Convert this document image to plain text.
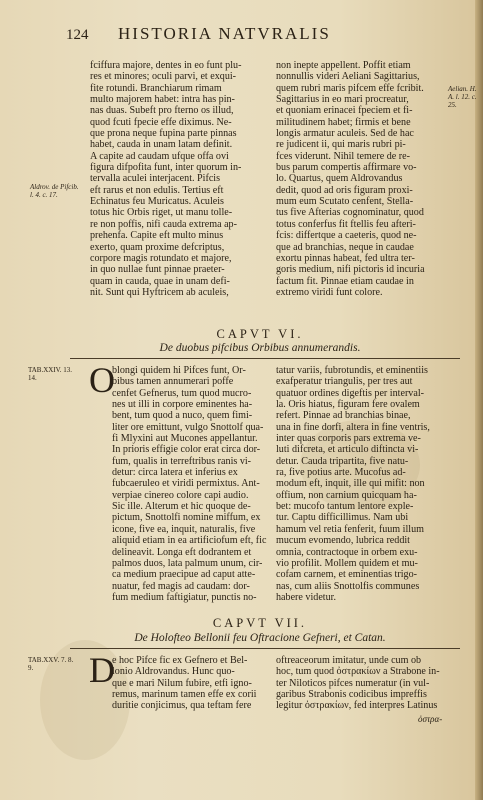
124	HISTORIA NATVRALIS
fciffura majore, dentes in eo funt plu-
res et minores; oculi parvi, et exqui-
fite rotundi. Branchiarum rimam
multo majorem habet: intra has pin-
nas duas. Subeft pro fterno os illud,
quod fcuti fpecie effe diximus. Ne-
que prona neque fupina parte pinnas
habet, cauda in unam latam definit.
A capite ad caudam ufque offa ovi
figura difpofita funt, inter quorum in-
tervalla aculei interjacent. Pifcis
eft rarus et non edulis. Tertius eft
Echinatus feu Muricatus. Aculeis
totus hic Orbis riget, ut manu tolle-
re non poffis, nifi cauda extrema ap-
prehenfa. Capite eft multo minus
exerto, quam proxime defcriptus,
corpore magis rotundato et majore,
in quo nullae funt pinnae praeter-
quam in cauda, quae in unam defi-
nit. Sunt qui Hyftricem ab aculeis,
non inepte appellent. Poffit etiam
nonnullis videri Aeliani Sagittarius,
quem rubri maris pifcem effe fcribit.
Sagittarius in eo mari procreatur,
et quoniam erinacei fpeciem et fi-
militudinem habet; firmis et bene
longis armatur aculeis. Sed de hac
re judicent ii, qui maris rubri pi-
fces viderunt. Nihil temere de re-
bus parum compertis affirmare vo-
lo. Quartus, quem Aldrovandus
dedit, quod ad oris figuram proxi-
mum eum Scutato cenfent, Stella-
tus five Afterias cognominatur, quod
totus conferfus fit ftellis feu afteri-
fcis: differtque a caeteris, quod ne-
que ad branchias, neque in caudae
exortu pinnas habeat, fed ultra ter-
goris medium, nifi pictoris id incuria
factum fit. Pinnae etiam caudae in
extremo viridi funt colore.
Aldrov. de Pifcib. l. 4. c. 17.
Aelian. H. A. l. 12. c. 25.
CAPVT VI.
De duobus pifcibus Orbibus annumerandis.
TAB.XXIV. 13. 14.	O
blongi quidem hi Pifces funt, Or-
bibus tamen annumerari poffe
cenfet Gefnerus, tum quod mucro-
nes ut illi in corpore eminentes ha-
bent, tum quod a nuco, quem fimi-
liter ore emittunt, vulgo Snottolf qua-
fi Mlyxini aut Mucones appellantur.
In prioris effigie color erat circa dor-
fum, qualis in terreftribus ranis vi-
detur: circa latera et inferius ex
fubcaeruleo et viridi permixtus. Ant-
verpiae cinereo colore capi audio.
Sic ille. Alterum et hic quoque de-
pictum, Snottolfi nomine miffum, ex
icone, five ea, inquit, naturalis, five
aliquid etiam in ea artificiofum eft, fic
delineavit. Longa eft dodrantem et
palmos duos, lata palmum unum, cir-
ca medium praecipue ad caput atte-
nuatur, fed magis ad caudam: dor-
fum medium faftigiatur, punctis no-
tatur variis, fubrotundis, et eminentiis
exafperatur triangulis, per tres aut
quatuor ordines digeftis per interval-
la. Oris hiatus, figuram fere ovalem
refert. Pinnae ad branchias binae,
una in fine dorfi, altera in fine ventris,
inter quas corporis pars extrema ve-
luti difcreta, et articulo diftincta vi-
detur. Cauda tripartita, five natu-
ra, five potius arte. Mucofus ad-
modum eft, inquit, ille qui mifit: non
offium, non carnium quicquam ha-
bet: mucofo tantum lentore exple-
tur. Captu difficillimus. Nam ubi
hamum vel retia fenferit, fuum illum
mucum evomendo, lubrica reddit
omnia, contractoque in orbem exu-
vio profilit. Mollem quidem et mu-
cofam carnem, et eminentias trigo-
nas, cum aliis Snottolfis communes
habere videtur.
CAPVT VII.
De Holofteo Bellonii feu Oftracione Gefneri, et Catan.
TAB.XXV. 7. 8. 9.	D
e hoc Pifce fic ex Gefnero et Bel-
lonio Aldrovandus. Hunc quo-
que e mari Nilum fubire, etfi igno-
remus, marinum tamen effe ex corii
duritie conjicimus, qua teftam fere
oftreaceorum imitatur, unde cum ob
hoc, tum quod ὀστρακίων a Strabone in-
ter Niloticos pifces numeratur (in vul-
garibus Strabonis codicibus impreffis
legitur ὀστρακίων, fed interpres Latinus
ὀστρα-
